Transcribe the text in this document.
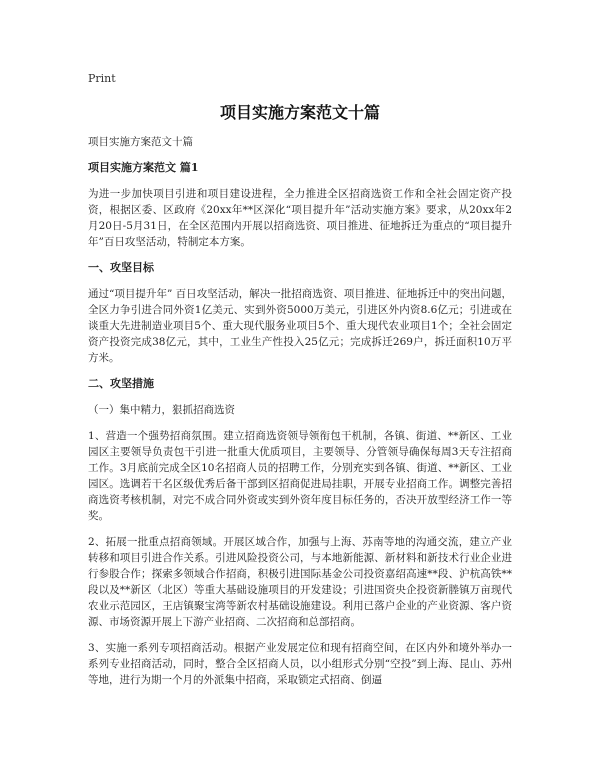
Print
项目实施方案范文十篇
项目实施方案范文十篇
项目实施方案范文 篇1
为进一步加快项目引进和项目建设进程，全力推进全区招商选资工作和全社会固定资产投资，根据区委、区政府《20xx年**区深化“项目提升年”活动实施方案》要求，从20xx年2月20日-5月31日，在全区范围内开展以招商选资、项目推进、征地拆迁为重点的“项目提升年”百日攻坚活动，特制定本方案。
一、攻坚目标
通过“项目提升年” 百日攻坚活动，解决一批招商选资、项目推进、征地拆迁中的突出问题，全区力争引进合同外资1亿美元、实到外资5000万美元，引进区外内资8.6亿元；引进或在谈重大先进制造业项目5个、重大现代服务业项目5个、重大现代农业项目1个；全社会固定资产投资完成38亿元，其中，工业生产性投入25亿元；完成拆迁269户，拆迁面积10万平方米。
二、攻坚措施
（一）集中精力，狠抓招商选资
1、营造一个强势招商氛围。建立招商选资领导领衔包干机制，各镇、街道、**新区、工业园区主要领导负责包干引进一批重大优质项目，主要领导、分管领导确保每周3天专注招商工作。3月底前完成全区10名招商人员的招聘工作，分别充实到各镇、街道、**新区、工业园区。选调若干名区级优秀后备干部到区招商促进局挂职，开展专业招商工作。调整完善招商选资考核机制，对完不成合同外资或实到外资年度目标任务的，否决开放型经济工作一等奖。
2、拓展一批重点招商领域。开展区域合作，加强与上海、苏南等地的沟通交流，建立产业转移和项目引进合作关系。引进风险投资公司，与本地新能源、新材料和新技术行业企业进行参股合作；探索多领域合作招商，积极引进国际基金公司投资嘉绍高速**段、沪杭高铁**段以及**新区（北区）等重大基础设施项目的开发建设；引进国资央企投资新塍镇万亩现代农业示范园区，王店镇聚宝湾等新农村基础设施建设。利用已落户企业的产业资源、客户资源、市场资源开展上下游产业招商、二次招商和总部招商。
3、实施一系列专项招商活动。根据产业发展定位和现有招商空间，在区内外和境外举办一系列专业招商活动，同时，整合全区招商人员，以小组形式分别“空投”到上海、昆山、苏州等地，进行为期一个月的外派集中招商，采取锁定式招商、倒逼
